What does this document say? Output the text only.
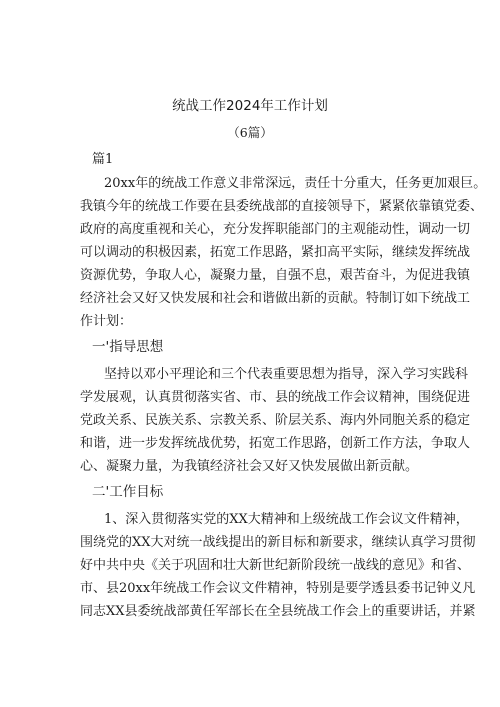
统战工作2024年工作计划
（6篇）
篇1
20xx年的统战工作意义非常深远，责任十分重大，任务更加艰巨。
我镇今年的统战工作要在县委统战部的直接领导下，紧紧依靠镇党委、
政府的高度重视和关心，充分发挥职能部门的主观能动性，调动一切
可以调动的积极因素，拓宽工作思路，紧扣高平实际，继续发挥统战
资源优势，争取人心，凝聚力量，自强不息，艰苦奋斗，为促进我镇
经济社会又好又快发展和社会和谐做出新的贡献。特制订如下统战工
作计划：
一'指导思想
坚持以邓小平理论和三个代表重要思想为指导，深入学习实践科
学发展观，认真贯彻落实省、市、县的统战工作会议精神，围绕促进
党政关系、民族关系、宗教关系、阶层关系、海内外同胞关系的稳定
和谐，进一步发挥统战优势，拓宽工作思路，创新工作方法，争取人
心、凝聚力量，为我镇经济社会又好又快发展做出新贡献。
二'工作目标
1、深入贯彻落实党的XX大精神和上级统战工作会议文件精神，
围绕党的XX大对统一战线提出的新目标和新要求，继续认真学习贯彻
好中共中央《关于巩固和壮大新世纪新阶段统一战线的意见》和省、
市、县20xx年统战工作会议文件精神，特别是要学透县委书记钟义凡
同志XX县委统战部黄任军部长在全县统战工作会上的重要讲话，并紧
